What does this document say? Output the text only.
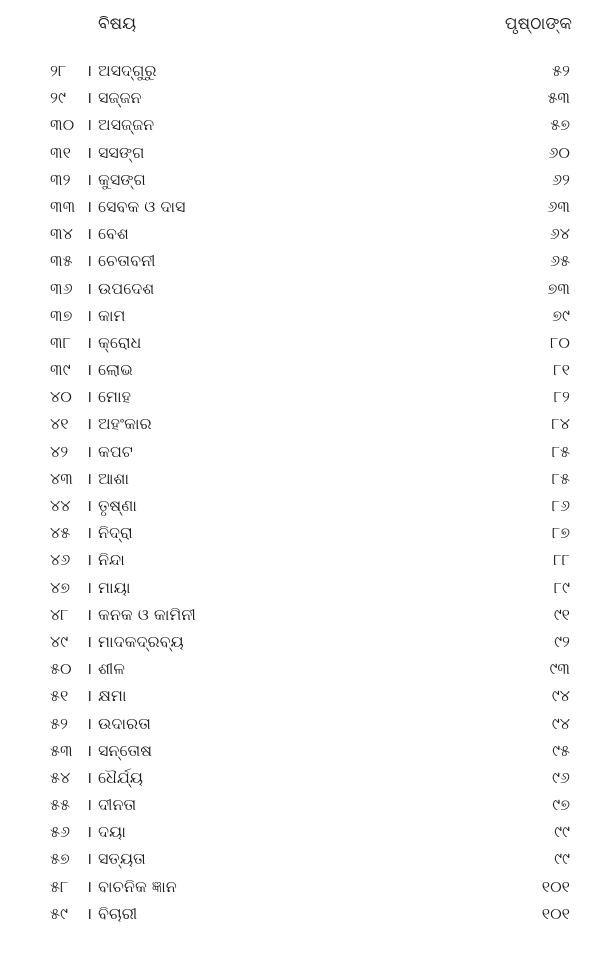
ବିଷୟ	ପୃଷ୍ଠାଙ୍କ
୨୮	। ଅସଦ୍‌ଗୁରୁ	୫୨
୨୯	। ସଜ୍ଜନ	୫୩
୩୦ । ଅସଜ୍ଜନ	୫୭
୩୧ । ସସଙ୍ଗ	୬୦
୩୨ । କୁସଙ୍ଗ	୬୨
୩୩ । ସେବକ ଓ ଦାସ	୬୩
୩୪ । ବେଶ	୬୪
୩୫ । ଚେତାବନୀ	୬୫
୩୬ । ଉପଦେଶ	୭୩
୩୭ । କାମ	୭୯
୩୮ । କ୍ରୋଧ	୮୦
୩୯ । ଲୋଭ	୮୧
୪୦ । ମୋହ	୮୨
୪୧	। ଅହଂକାର	୮୪
୪୨	। କପଟ	୮୫
୪୩ । ଆଶା	୮୫
୪୪ । ତୃଷ୍ଣା	୮୬
୪୫ । ନିଦ୍ରା	୮୭
୪୬ । ନିନ୍ଦା	୮୮
୪୭ । ମାୟା	୮୯
୪୮	। କନକ ଓ କାମିନୀ	୯୧
୪୯	। ମାଦକଦ୍ରବ୍ୟ	୯୨
୫୦ । ଶୀଳ	୯୩
୫୧	। କ୍ଷମା	୯୪
୫୨	। ଉଦାରତା	୯୪
୫୩ । ସନ୍ତୋଷ	୯୫
୫୪ । ଧୈର୍ଯ୍ୟ	୯୬
୫୫	। ଦୀନତା	୯୭
୫୬ । ଦୟା	୯୯
୫୭	। ସତ୍ୟତା	୯୯
୫୮	। ବାଚନିକ ଜ୍ଞାନ	୧୦୧
୫୯	। ବିଚାରୀ	୧୦୧
